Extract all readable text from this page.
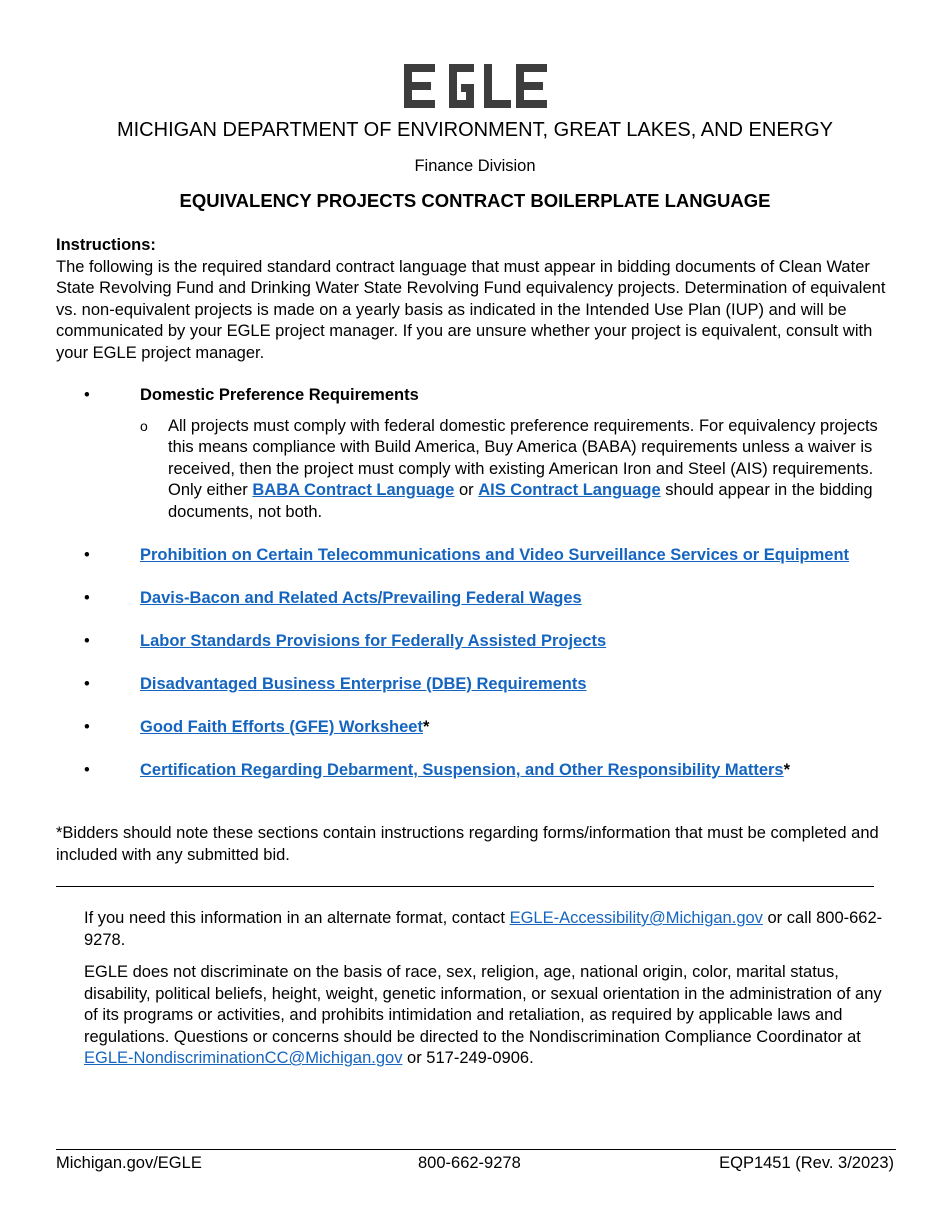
MICHIGAN DEPARTMENT OF ENVIRONMENT, GREAT LAKES, AND ENERGY
Finance Division
EQUIVALENCY PROJECTS CONTRACT BOILERPLATE LANGUAGE
Instructions:
The following is the required standard contract language that must appear in bidding documents of Clean Water State Revolving Fund and Drinking Water State Revolving Fund equivalency projects. Determination of equivalent vs. non-equivalent projects is made on a yearly basis as indicated in the Intended Use Plan (IUP) and will be communicated by your EGLE project manager. If you are unsure whether your project is equivalent, consult with your EGLE project manager.
•	Domestic Preference Requirements
o All projects must comply with federal domestic preference requirements. For equivalency projects this means compliance with Build America, Buy America (BABA) requirements unless a waiver is received, then the project must comply with existing American Iron and Steel (AIS) requirements. Only either BABA Contract Language or AIS Contract Language should appear in the bidding documents, not both.
•	Prohibition on Certain Telecommunications and Video Surveillance Services or Equipment
•	Davis-Bacon and Related Acts/Prevailing Federal Wages
•	Labor Standards Provisions for Federally Assisted Projects
•	Disadvantaged Business Enterprise (DBE) Requirements
•	Good Faith Efforts (GFE) Worksheet*
•	Certification Regarding Debarment, Suspension, and Other Responsibility Matters*
*Bidders should note these sections contain instructions regarding forms/information that must be completed and included with any submitted bid.
If you need this information in an alternate format, contact EGLE-Accessibility@Michigan.gov or call 800-662-9278.
EGLE does not discriminate on the basis of race, sex, religion, age, national origin, color, marital status, disability, political beliefs, height, weight, genetic information, or sexual orientation in the administration of any of its programs or activities, and prohibits intimidation and retaliation, as required by applicable laws and regulations. Questions or concerns should be directed to the Nondiscrimination Compliance Coordinator at EGLE-NondiscriminationCC@Michigan.gov or 517-249-0906.
Michigan.gov/EGLE	800-662-9278	EQP1451 (Rev. 3/2023)
